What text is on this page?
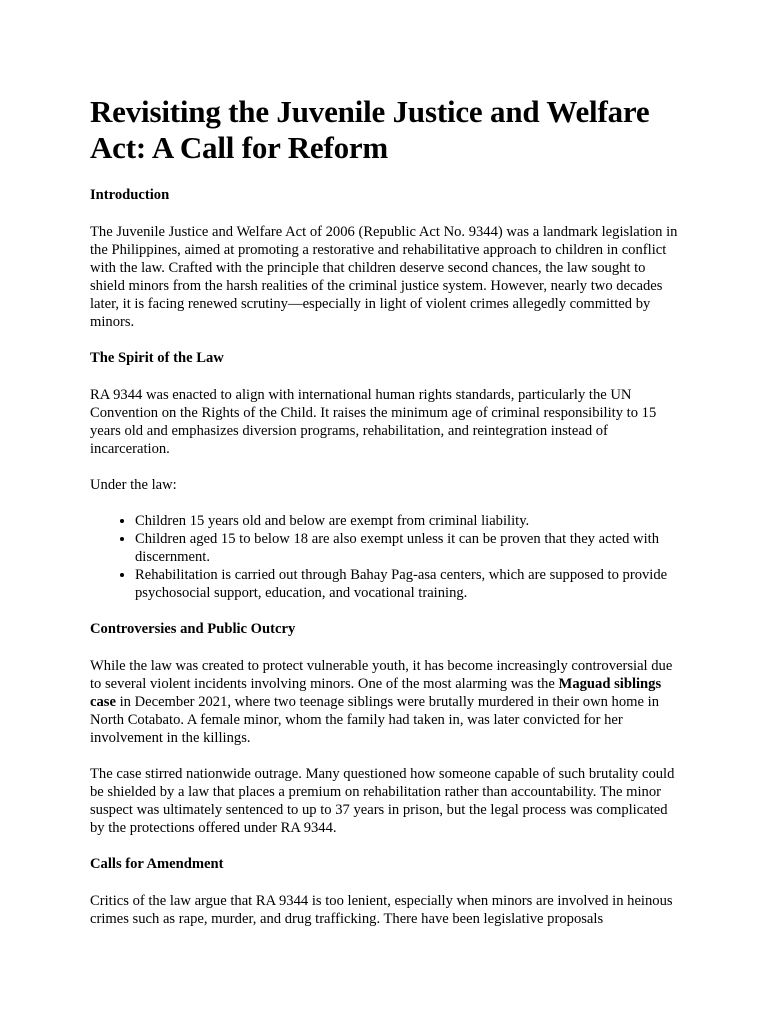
Revisiting the Juvenile Justice and Welfare Act: A Call for Reform
Introduction

The Juvenile Justice and Welfare Act of 2006 (Republic Act No. 9344) was a landmark legislation in the Philippines, aimed at promoting a restorative and rehabilitative approach to children in conflict with the law. Crafted with the principle that children deserve second chances, the law sought to shield minors from the harsh realities of the criminal justice system. However, nearly two decades later, it is facing renewed scrutiny—especially in light of violent crimes allegedly committed by minors.

The Spirit of the Law

RA 9344 was enacted to align with international human rights standards, particularly the UN Convention on the Rights of the Child. It raises the minimum age of criminal responsibility to 15 years old and emphasizes diversion programs, rehabilitation, and reintegration instead of incarceration.

Under the law:

• Children 15 years old and below are exempt from criminal liability.
• Children aged 15 to below 18 are also exempt unless it can be proven that they acted with discernment.
• Rehabilitation is carried out through Bahay Pag-asa centers, which are supposed to provide psychosocial support, education, and vocational training.
Controversies and Public Outcry

While the law was created to protect vulnerable youth, it has become increasingly controversial due to several violent incidents involving minors. One of the most alarming was the Maguad siblings case in December 2021, where two teenage siblings were brutally murdered in their own home in North Cotabato. A female minor, whom the family had taken in, was later convicted for her involvement in the killings.

The case stirred nationwide outrage. Many questioned how someone capable of such brutality could be shielded by a law that places a premium on rehabilitation rather than accountability. The minor suspect was ultimately sentenced to up to 37 years in prison, but the legal process was complicated by the protections offered under RA 9344.

Calls for Amendment

Critics of the law argue that RA 9344 is too lenient, especially when minors are involved in heinous crimes such as rape, murder, and drug trafficking. There have been legislative proposals
